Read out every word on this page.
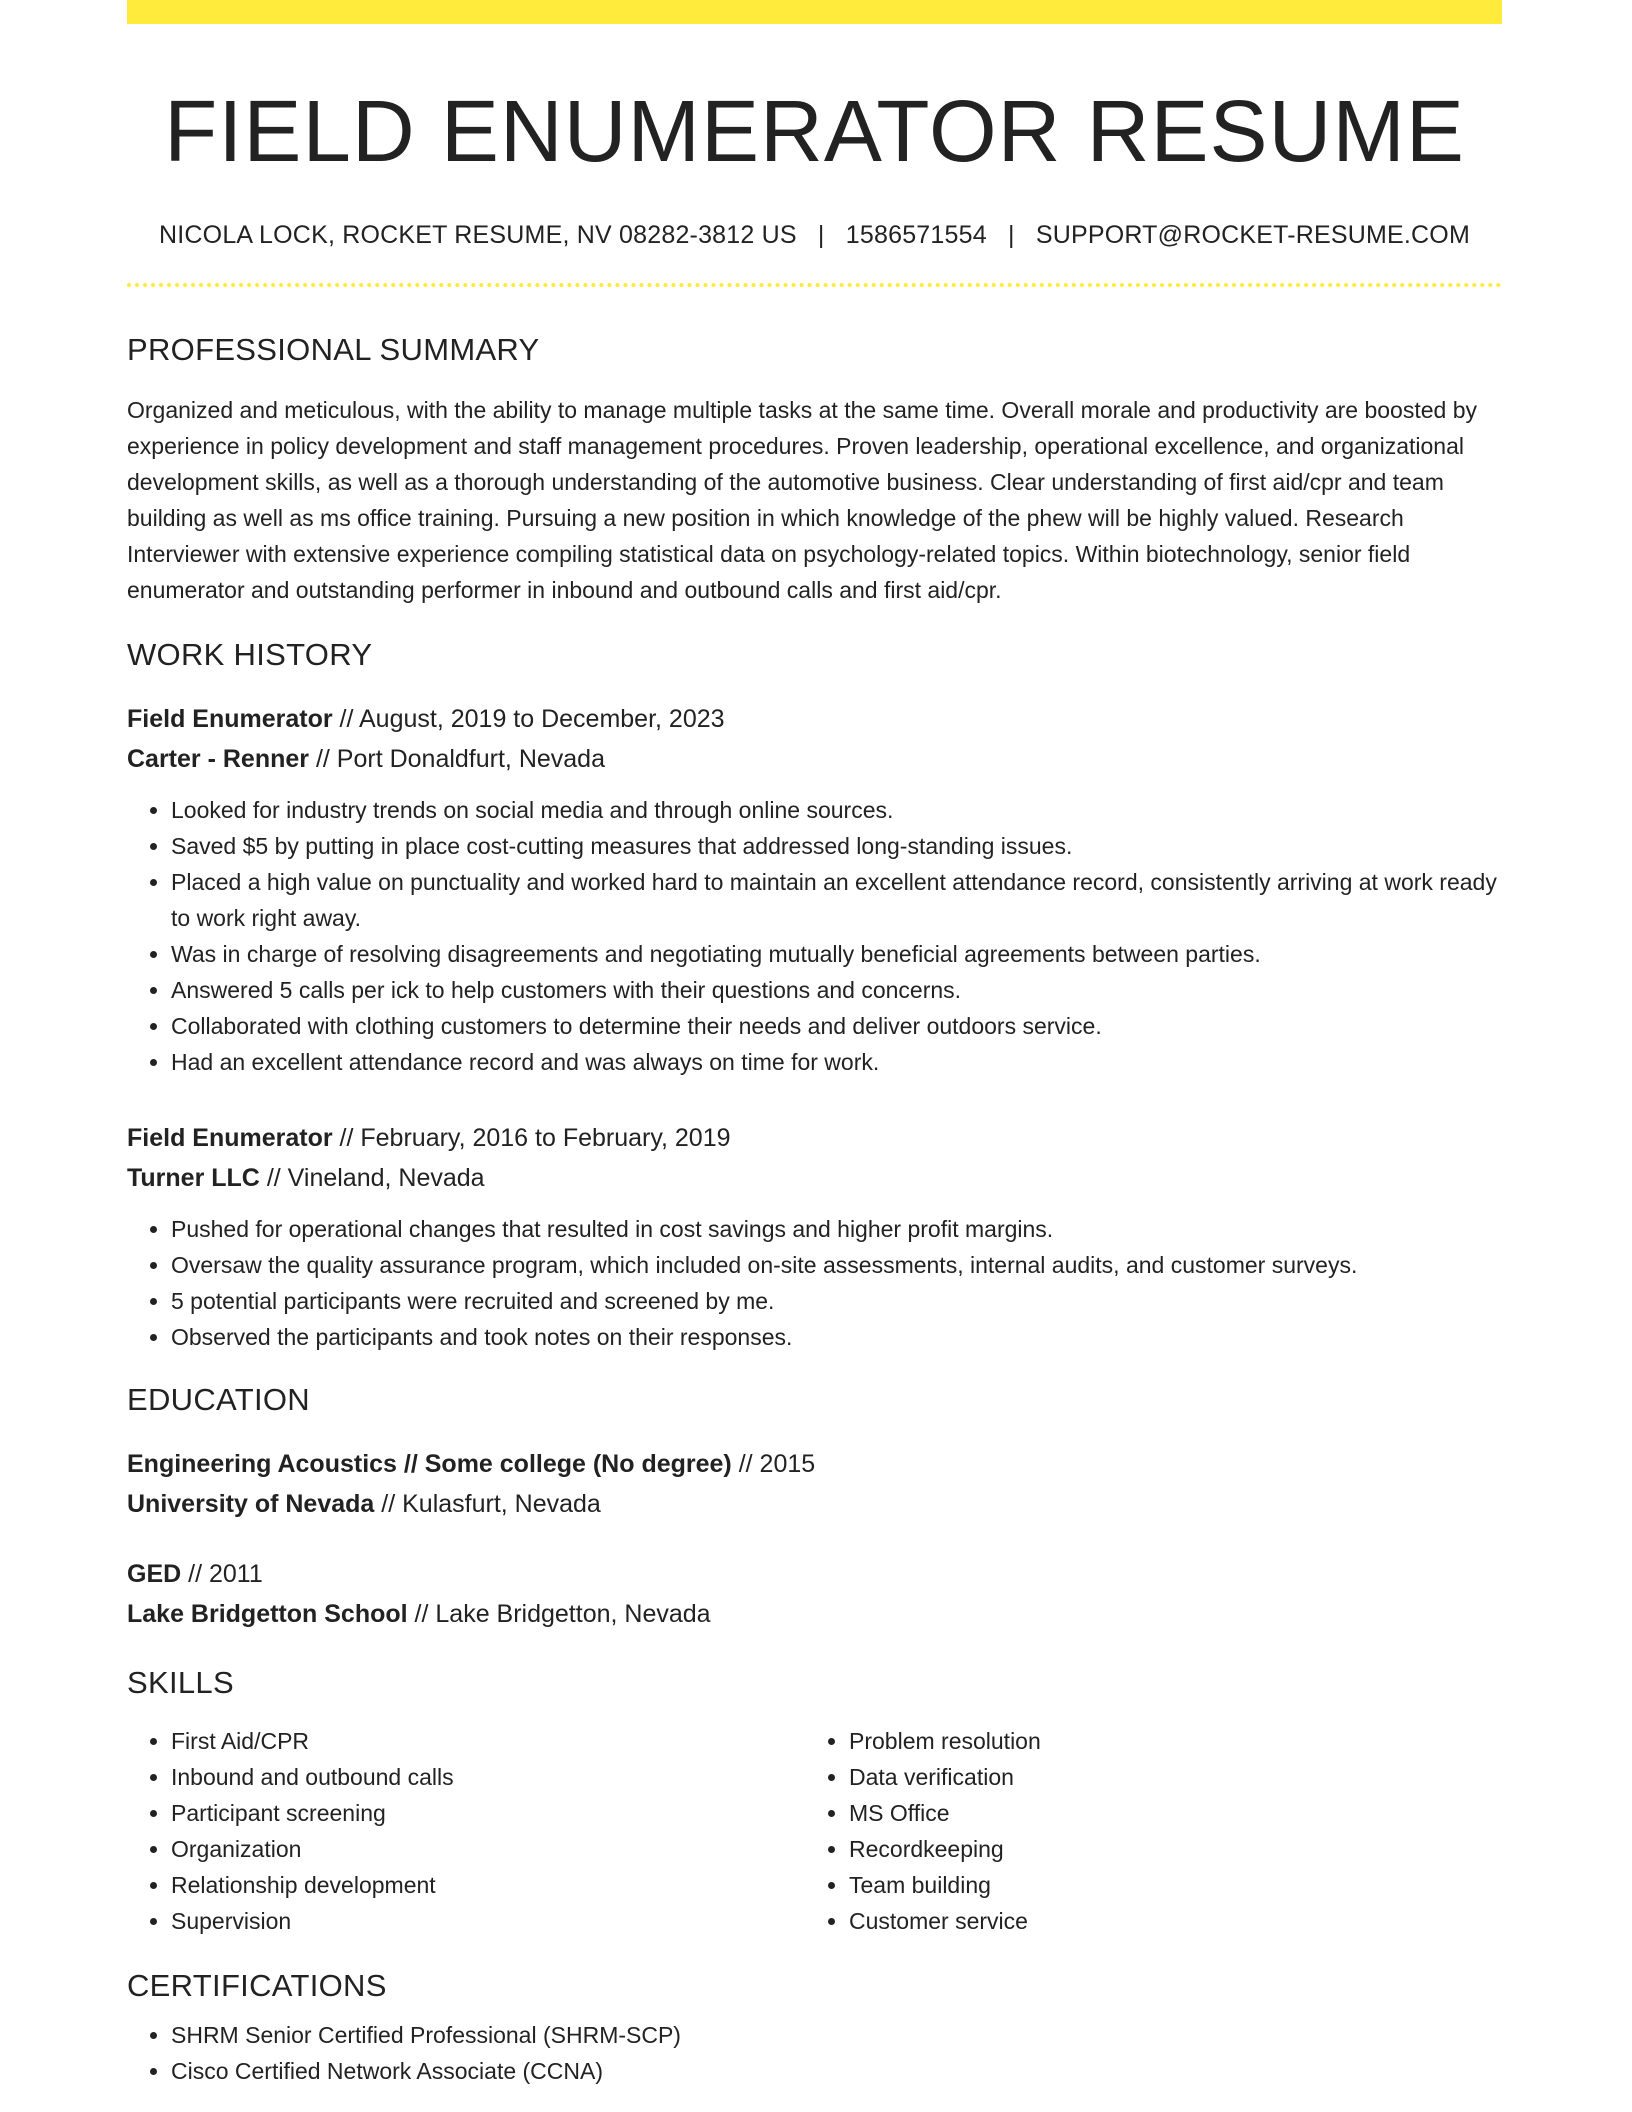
FIELD ENUMERATOR RESUME
NICOLA LOCK, ROCKET RESUME, NV 08282-3812 US | 1586571554 | SUPPORT@ROCKET-RESUME.COM
PROFESSIONAL SUMMARY

Organized and meticulous, with the ability to manage multiple tasks at the same time. Overall morale and productivity are boosted by experience in policy development and staff management procedures. Proven leadership, operational excellence, and organizational development skills, as well as a thorough understanding of the automotive business. Clear understanding of first aid/cpr and team building as well as ms office training. Pursuing a new position in which knowledge of the phew will be highly valued. Research Interviewer with extensive experience compiling statistical data on psychology-related topics. Within biotechnology, senior field enumerator and outstanding performer in inbound and outbound calls and first aid/cpr.

WORK HISTORY
Field Enumerator // August, 2019 to December, 2023
Carter - Renner // Port Donaldfurt, Nevada
• Looked for industry trends on social media and through online sources.
• Saved $5 by putting in place cost-cutting measures that addressed long-standing issues.
• Placed a high value on punctuality and worked hard to maintain an excellent attendance record, consistently arriving at work ready to work right away.
• Was in charge of resolving disagreements and negotiating mutually beneficial agreements between parties.
• Answered 5 calls per ick to help customers with their questions and concerns.
• Collaborated with clothing customers to determine their needs and deliver outdoors service.
• Had an excellent attendance record and was always on time for work.
Field Enumerator // February, 2016 to February, 2019
Turner LLC // Vineland, Nevada
• Pushed for operational changes that resulted in cost savings and higher profit margins.
• Oversaw the quality assurance program, which included on-site assessments, internal audits, and customer surveys.
• 5 potential participants were recruited and screened by me.
• Observed the participants and took notes on their responses.
EDUCATION
Engineering Acoustics // Some college (No degree) // 2015
University of Nevada // Kulasfurt, Nevada
GED // 2011
Lake Bridgetton School // Lake Bridgetton, Nevada
SKILLS
• First Aid/CPR
• Inbound and outbound calls
• Participant screening
• Organization
• Relationship development
• Supervision
• Problem resolution
• Data verification
• MS Office
• Recordkeeping
• Team building
• Customer service
CERTIFICATIONS
• SHRM Senior Certified Professional (SHRM-SCP)
• Cisco Certified Network Associate (CCNA)
